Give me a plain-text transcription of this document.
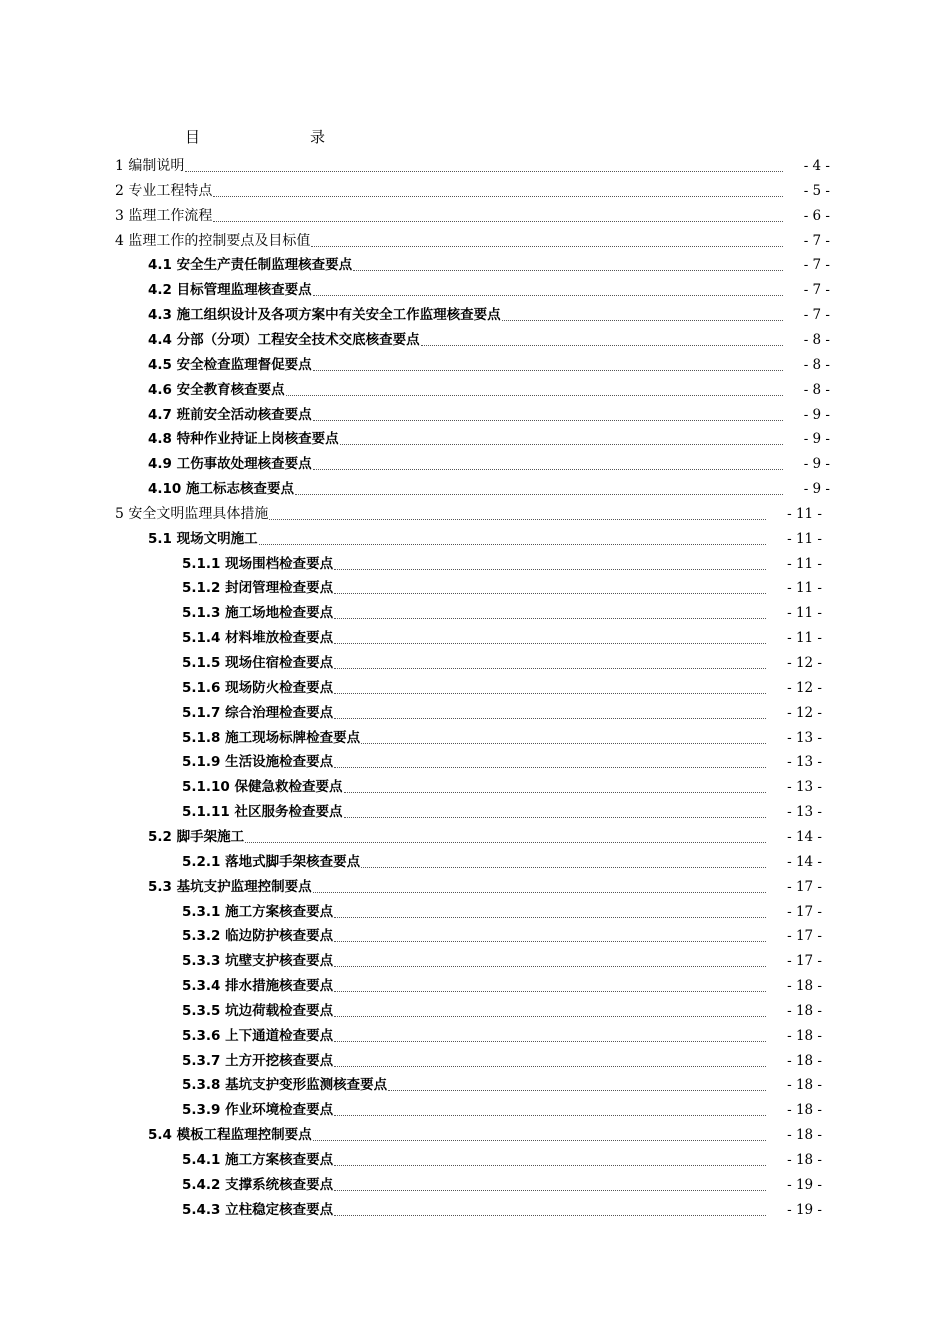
目	录
1 编制说明	- 4 -
2 专业工程特点	- 5 -
3 监理工作流程	- 6 -
4 监理工作的控制要点及目标值	- 7 -
4.1 安全生产责任制监理核查要点	- 7 -
4.2 目标管理监理核查要点	- 7 -
4.3 施工组织设计及各项方案中有关安全工作监理核查要点	- 7 -
4.4 分部（分项）工程安全技术交底核查要点	- 8 -
4.5 安全检查监理督促要点	- 8 -
4.6 安全教育核查要点	- 8 -
4.7 班前安全活动核查要点	- 9 -
4.8 特种作业持证上岗核查要点	- 9 -
4.9 工伤事故处理核查要点	- 9 -
4.10 施工标志核查要点	- 9 -
5 安全文明监理具体措施	- 11 -
5.1 现场文明施工	- 11 -
5.1.1 现场围档检查要点	- 11 -
5.1.2 封闭管理检查要点	- 11 -
5.1.3 施工场地检查要点	- 11 -
5.1.4 材料堆放检查要点	- 11 -
5.1.5 现场住宿检查要点	- 12 -
5.1.6 现场防火检查要点	- 12 -
5.1.7 综合治理检查要点	- 12 -
5.1.8 施工现场标牌检查要点	- 13 -
5.1.9 生活设施检查要点	- 13 -
5.1.10 保健急救检查要点	- 13 -
5.1.11 社区服务检查要点	- 13 -
5.2 脚手架施工	- 14 -
5.2.1 落地式脚手架核查要点	- 14 -
5.3 基坑支护监理控制要点	- 17 -
5.3.1 施工方案核查要点	- 17 -
5.3.2 临边防护核查要点	- 17 -
5.3.3 坑壁支护核查要点	- 17 -
5.3.4 排水措施核查要点	- 18 -
5.3.5 坑边荷载检查要点	- 18 -
5.3.6 上下通道检查要点	- 18 -
5.3.7 土方开挖核查要点	- 18 -
5.3.8 基坑支护变形监测核查要点	- 18 -
5.3.9 作业环境检查要点	- 18 -
5.4 模板工程监理控制要点	- 18 -
5.4.1 施工方案核查要点	- 18 -
5.4.2 支撑系统核查要点	- 19 -
5.4.3 立柱稳定核查要点	- 19 -
